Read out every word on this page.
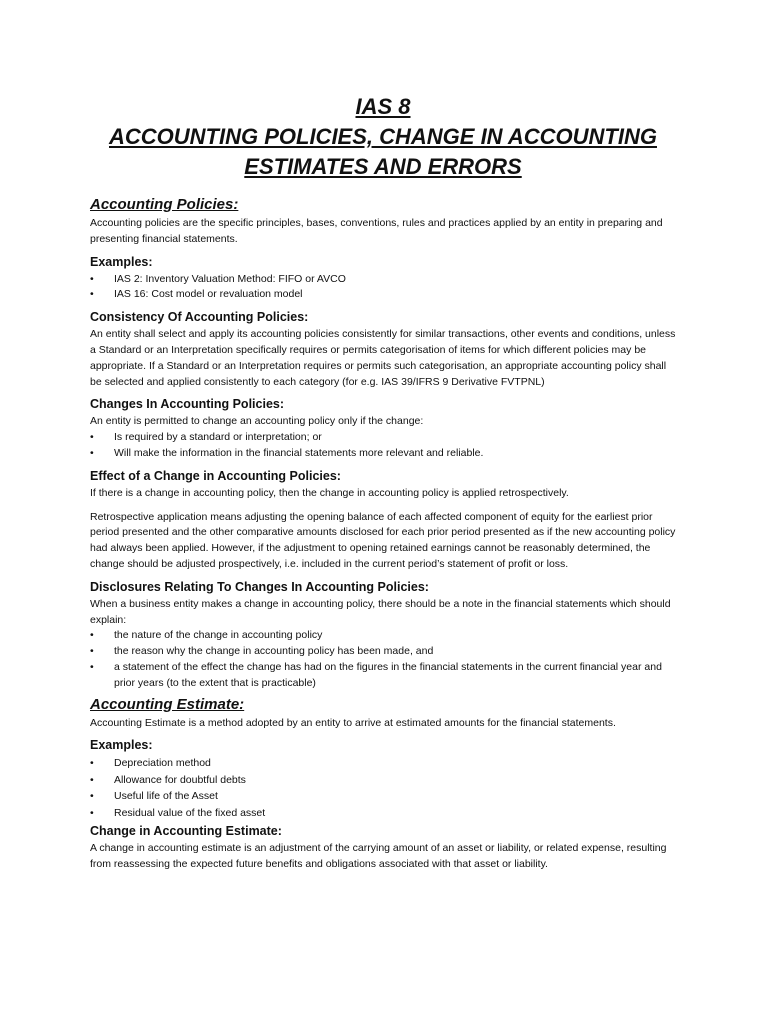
IAS 8
ACCOUNTING POLICIES, CHANGE IN ACCOUNTING
ESTIMATES AND ERRORS
Accounting Policies:

Accounting policies are the specific principles, bases, conventions, rules and practices applied by an entity in preparing and presenting financial statements.

Examples:
• IAS 2: Inventory Valuation Method: FIFO or AVCO
• IAS 16: Cost model or revaluation model
Consistency Of Accounting Policies:

An entity shall select and apply its accounting policies consistently for similar transactions, other events and conditions, unless a Standard or an Interpretation specifically requires or permits categorisation of items for which different policies may be appropriate. If a Standard or an Interpretation requires or permits such categorisation, an appropriate accounting policy shall be selected and applied consistently to each category (for e.g. IAS 39/IFRS 9 Derivative FVTPNL)

Changes In Accounting Policies:

An entity is permitted to change an accounting policy only if the change:

• Is required by a standard or interpretation; or
• Will make the information in the financial statements more relevant and reliable.
Effect of a Change in Accounting Policies:

If there is a change in accounting policy, then the change in accounting policy is applied retrospectively.

Retrospective application means adjusting the opening balance of each affected component of equity for the earliest prior period presented and the other comparative amounts disclosed for each prior period presented as if the new accounting policy had always been applied. However, if the adjustment to opening retained earnings cannot be reasonably determined, the change should be adjusted prospectively, i.e. included in the current period’s statement of profit or loss.

Disclosures Relating To Changes In Accounting Policies:

When a business entity makes a change in accounting policy, there should be a note in the financial statements which should explain:

• the nature of the change in accounting policy
• the reason why the change in accounting policy has been made, and
• a statement of the effect the change has had on the figures in the financial statements in the current financial year and prior years (to the extent that is practicable)
Accounting Estimate:

Accounting Estimate is a method adopted by an entity to arrive at estimated amounts for the financial statements.

Examples:
• Depreciation method
• Allowance for doubtful debts
• Useful life of the Asset
• Residual value of the fixed asset
Change in Accounting Estimate:

A change in accounting estimate is an adjustment of the carrying amount of an asset or liability, or related expense, resulting from reassessing the expected future benefits and obligations associated with that asset or liability.
